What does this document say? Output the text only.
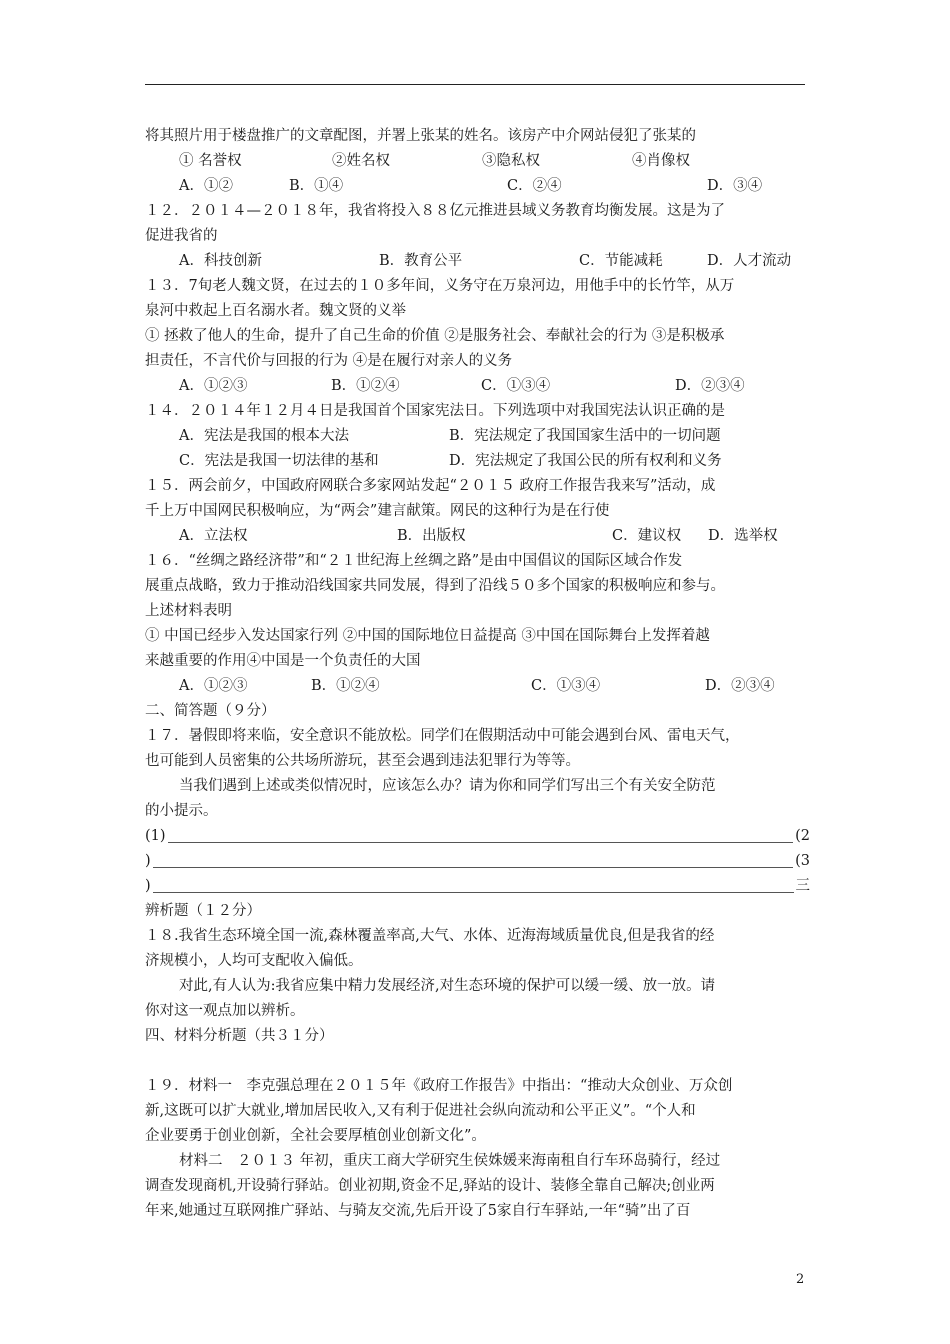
将其照片用于楼盘推广的文章配图，并署上张某的姓名。该房产中介网站侵犯了张某的
① 名誉权	②姓名权	③隐私权	④肖像权
A．①②	B．①④	C．②④	D．③④
１２．２０１４—２０１８年，我省将投入８８亿元推进县域义务教育均衡发展。这是为了
促进我省的
A．科技创新	B．教育公平	C．节能减耗	D．人才流动
１３．7旬老人魏文贤，在过去的１０多年间，义务守在万泉河边，用他手中的长竹竿，从万
泉河中救起上百名溺水者。魏文贤的义举
① 拯救了他人的生命，提升了自己生命的价值 ②是服务社会、奉献社会的行为 ③是积极承
担责任，不言代价与回报的行为 ④是在履行对亲人的义务
A．①②③	B．①②④	C．①③④	D．②③④
１４．２０１４年１２月４日是我国首个国家宪法日。下列选项中对我国宪法认识正确的是
A．宪法是我国的根本大法	B．宪法规定了我国国家生活中的一切问题
C．宪法是我国一切法律的基和	D．宪法规定了我国公民的所有权利和义务
１５．两会前夕，中国政府网联合多家网站发起“２０１５ 政府工作报告我来写”活动，成
千上万中国网民积极响应，为“两会”建言献策。网民的这种行为是在行使
A．立法权	B．出版权	C．建议权	D．选举权
１６．“丝绸之路经济带”和“２１世纪海上丝绸之路”是由中国倡议的国际区域合作发
展重点战略，致力于推动沿线国家共同发展，得到了沿线５０多个国家的积极响应和参与。
上述材料表明
① 中国已经步入发达国家行列 ②中国的国际地位日益提高 ③中国在国际舞台上发挥着越
来越重要的作用④中国是一个负责任的大国
A．①②③	B．①②④	C．①③④	D．②③④
二、简答题（９分）
１７．暑假即将来临，安全意识不能放松。同学们在假期活动中可能会遇到台风、雷电天气，
也可能到人员密集的公共场所游玩，甚至会遇到违法犯罪行为等等。
当我们遇到上述或类似情况时，应该怎么办？请为你和同学们写出三个有关安全防范
的小提示。
(1)	(2
)	(3
)	三
辨析题（１２分）
１８.我省生态环境全国一流,森林覆盖率高,大气、水体、近海海域质量优良,但是我省的经
济规模小，人均可支配收入偏低。
对此,有人认为:我省应集中精力发展经济,对生态环境的保护可以缓一缓、放一放。请
你对这一观点加以辨析。
四、材料分析题（共３１分）
１９．材料一　李克强总理在２０１５年《政府工作报告》中指出：“推动大众创业、万众创
新,这既可以扩大就业,增加居民收入,又有利于促进社会纵向流动和公平正义”。“个人和
企业要勇于创业创新，全社会要厚植创业创新文化”。
材料二　２０１３ 年初，重庆工商大学研究生侯姝媛来海南租自行车环岛骑行，经过
调查发现商机,开设骑行驿站。创业初期,资金不足,驿站的设计、装修全靠自己解决;创业两
年来,她通过互联网推广驿站、与骑友交流,先后开设了5家自行车驿站,一年“骑”出了百
2
